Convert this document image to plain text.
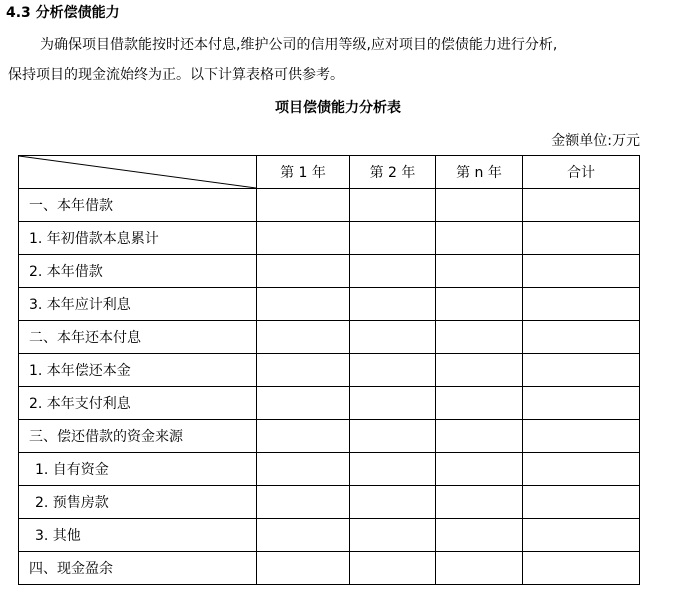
4.3 分析偿债能力
为确保项目借款能按时还本付息,维护公司的信用等级,应对项目的偿债能力进行分析,
保持项目的现金流始终为正。以下计算表格可供参考。
项目偿债能力分析表
金额单位:万元
	第 1 年	第 2 年	第 n 年	合计
一、本年借款				
1. 年初借款本息累计				
2. 本年借款				
3. 本年应计利息				
二、本年还本付息				
1. 本年偿还本金				
2. 本年支付利息				
三、偿还借款的资金来源				
1. 自有资金				
2. 预售房款				
3. 其他				
四、现金盈余				
